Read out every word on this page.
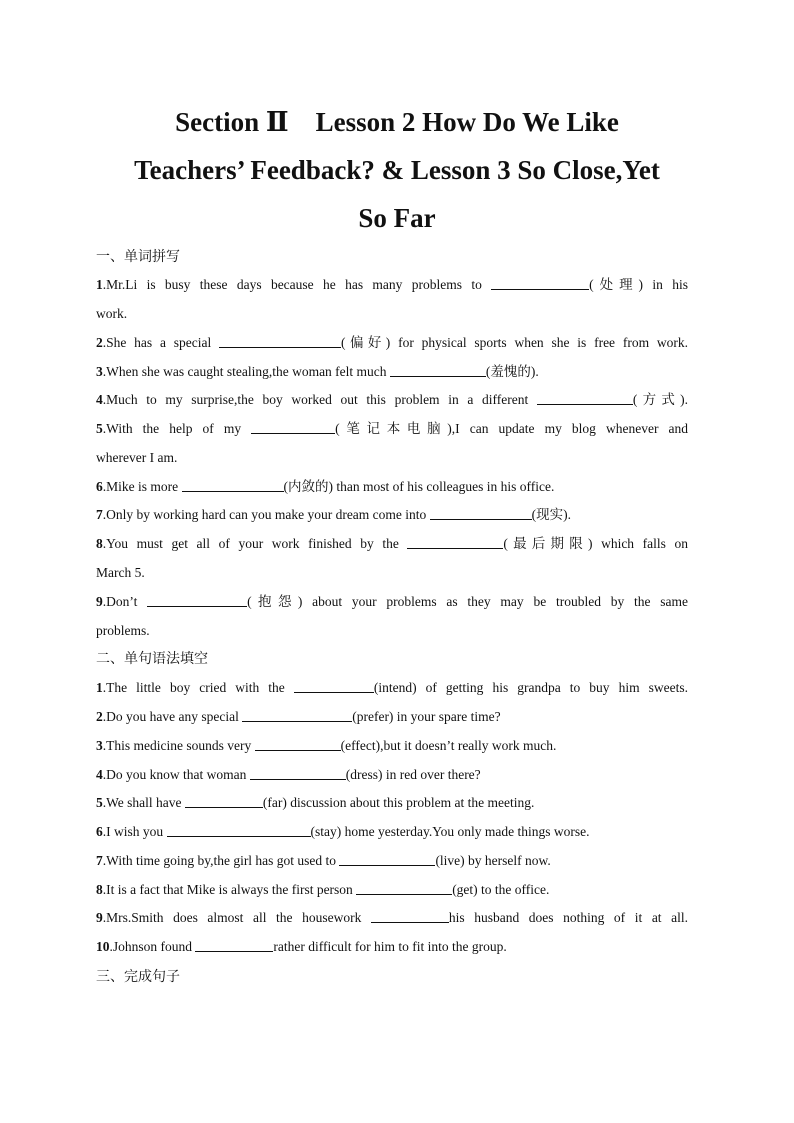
Section Ⅱ　Lesson 2 How Do We Like
Teachers’ Feedback? & Lesson 3 So Close,Yet
So Far
一、单词拼写
1.Mr.Li is busy these days because he has many problems to	(处理) in his
work.
2.She has a special	(偏好) for physical sports when she is free from work.
3.When she was caught stealing,the woman felt much	(羞愧的).
4.Much to my surprise,the boy worked out this problem in a different	(方式).
5.With the help of my	(笔记本电脑),I can update my blog whenever and
wherever I am.
6.Mike is more	(内敛的) than most of his colleagues in his office.
7.Only by working hard can you make your dream come into	(现实).
8.You must get all of your work finished by the	(最后期限) which falls on
March 5.
9.Don’t	(抱怨) about your problems as they may be troubled by the same
problems.
二、单句语法填空
1.The little boy cried with the	(intend) of getting his grandpa to buy him sweets.
2.Do you have any special	(prefer) in your spare time?
3.This medicine sounds very	(effect),but it doesn’t really work much.
4.Do you know that woman	(dress) in red over there?
5.We shall have	(far) discussion about this problem at the meeting.
6.I wish you	(stay) home yesterday.You only made things worse.
7.With time going by,the girl has got used to	(live) by herself now.
8.It is a fact that Mike is always the first person	(get) to the office.
9.Mrs.Smith does almost all the housework	his husband does nothing of it at all.
10.Johnson found	rather difficult for him to fit into the group.
三、完成句子
